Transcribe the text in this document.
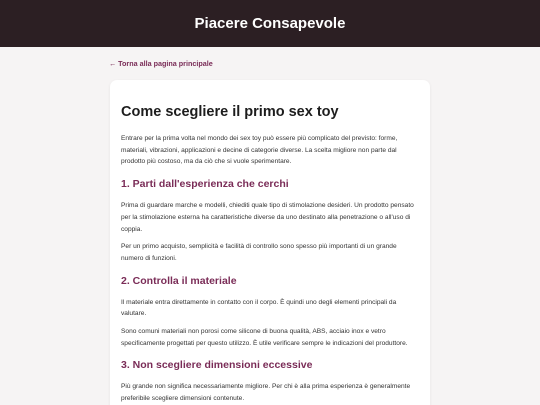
Piacere Consapevole
← Torna alla pagina principale
Come scegliere il primo sex toy

Entrare per la prima volta nel mondo dei sex toy può essere più complicato del previsto: forme, materiali, vibrazioni, applicazioni e decine di categorie diverse. La scelta migliore non parte dal prodotto più costoso, ma da ciò che si vuole sperimentare.

1. Parti dall'esperienza che cerchi

Prima di guardare marche e modelli, chiediti quale tipo di stimolazione desideri. Un prodotto pensato per la stimolazione esterna ha caratteristiche diverse da uno destinato alla penetrazione o all'uso di coppia.

Per un primo acquisto, semplicità e facilità di controllo sono spesso più importanti di un grande numero di funzioni.

2. Controlla il materiale

Il materiale entra direttamente in contatto con il corpo. È quindi uno degli elementi principali da valutare.

Sono comuni materiali non porosi come silicone di buona qualità, ABS, acciaio inox e vetro specificamente progettati per questo utilizzo. È utile verificare sempre le indicazioni del produttore.

3. Non scegliere dimensioni eccessive

Più grande non significa necessariamente migliore. Per chi è alla prima esperienza è generalmente preferibile scegliere dimensioni contenute.
